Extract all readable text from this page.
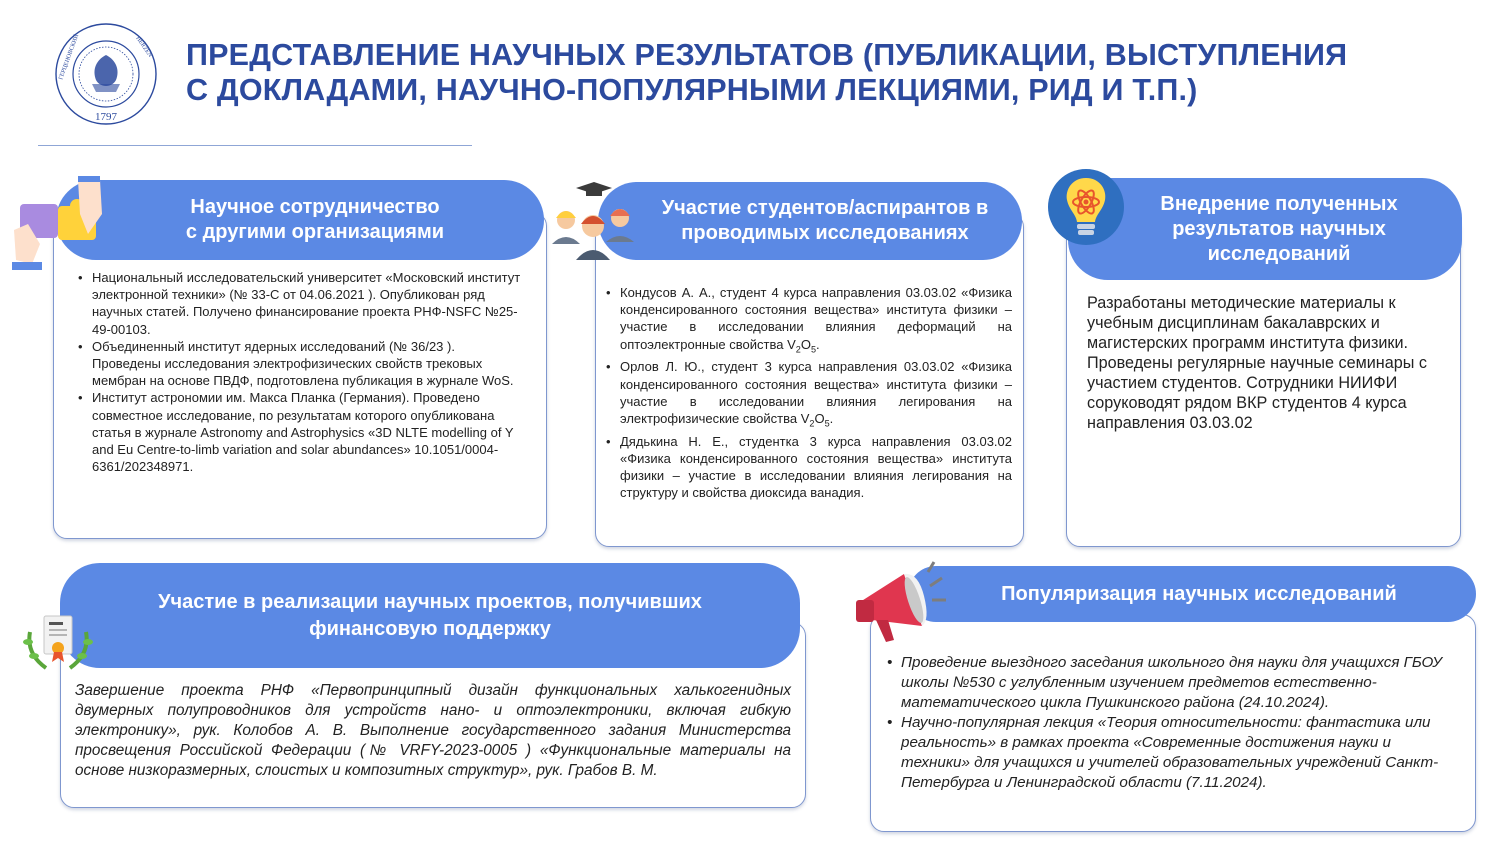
1797
ГЕРЦЕНОВСКИЙ	HERZEN ПРЕДСТАВЛЕНИЕ НАУЧНЫХ РЕЗУЛЬТАТОВ (ПУБЛИКАЦИИ, ВЫСТУПЛЕНИЯ
С ДОКЛАДАМИ, НАУЧНО-ПОПУЛЯРНЫМИ ЛЕКЦИЯМИ, РИД И Т.П.)
• Национальный исследовательский университет «Московский институт электронной техники» (№ 33-С от 04.06.2021 ). Опубликован ряд научных статей. Получено финансирование проекта РНФ-NSFC №25-49-00103.
• Объединенный институт ядерных исследований (№ 36/23 ). Проведены исследования электрофизических свойств трековых мембран на основе ПВДФ, подготовлена публикация в журнале WoS.
• Институт астрономии им. Макса Планка (Германия). Проведено совместное исследование, по результатам которого опубликована статья в журнале Astronomy and Astrophysics «3D NLTE modelling of Y and Eu Centre-to-limb variation and solar abundances» 10.1051/0004-6361/202348971.
Научное сотрудничество
с другими организациями
• Кондусов А. А., студент 4 курса направления 03.03.02 «Физика конденсированного состояния вещества» института физики – участие в исследовании влияния деформаций на оптоэлектронные свойства $V_2O_5$.
• Орлов Л. Ю., студент 3 курса направления 03.03.02 «Физика конденсированного состояния вещества» института физики – участие в исследовании влияния легирования на электрофизические свойства $V_2O_5$.
• Дядькина Н. Е., студентка 3 курса направления 03.03.02 «Физика конденсированного состояния вещества» института физики – участие в исследовании влияния легирования на структуру и свойства диоксида ванадия.
Участие студентов/аспирантов в
проводимых исследованиях
Разработаны методические материалы к учебным дисциплинам бакалаврских и магистерских программ института физики. Проведены регулярные научные семинары с участием студентов. Сотрудники НИИФИ соруководят рядом ВКР студентов 4 курса направления 03.03.02
Внедрение полученных
результатов научных
исследований
Завершение проекта РНФ «Первопринципный дизайн функциональных халькогенидных двумерных полупроводников для устройств нано- и оптоэлектроники, включая гибкую электронику», рук. Колобов А. В. Выполнение государственного задания Министерства просвещения Российской Федерации (№ VRFY-2023-0005 ) «Функциональные материалы на основе низкоразмерных, слоистых и композитных структур», рук. Грабов В. М.
Участие в реализации научных проектов, получивших
финансовую поддержку
• Проведение выездного заседания школьного дня науки для учащихся ГБОУ школы №530 с углубленным изучением предметов естественно-математического цикла Пушкинского района (24.10.2024).
• Научно-популярная лекция «Теория относительности: фантастика или реальность» в рамках проекта «Современные достижения науки и техники» для учащихся и учителей образовательных учреждений Санкт-Петербурга и Ленинградской области (7.11.2024).
Популяризация научных исследований
